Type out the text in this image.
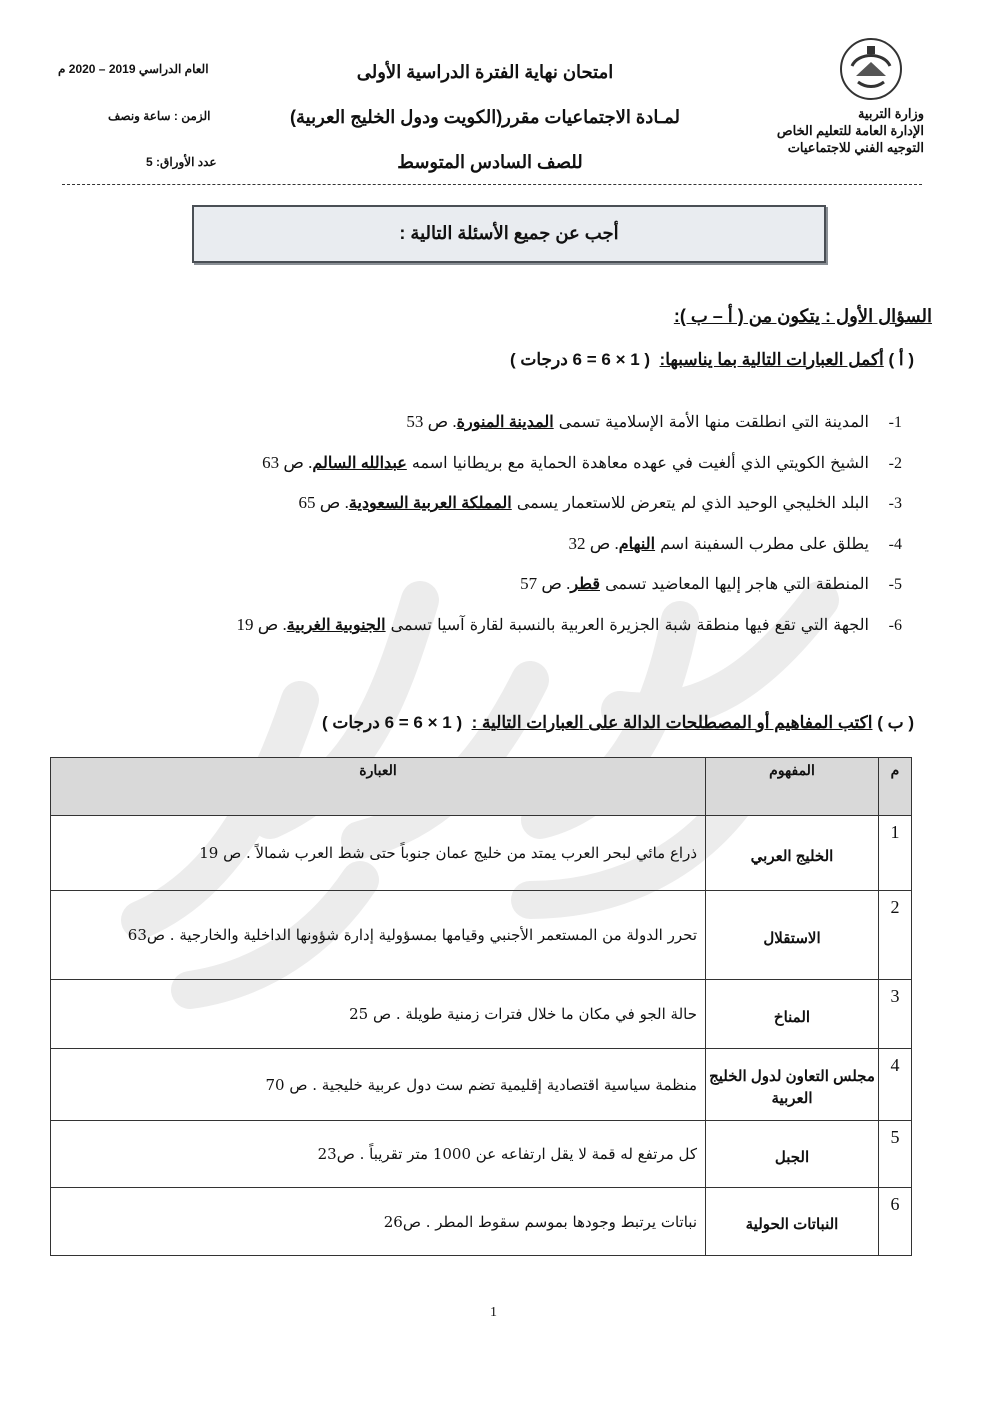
وزارة التربية
الإدارة العامة للتعليم الخاص
التوجيه الفني للاجتماعيات
العام الدراسي 2019 – 2020 م
الزمن : ساعة ونصف
عدد الأوراق: 5
امتحان نهاية الفترة الدراسية الأولى
لمـادة الاجتماعيات مقرر(الكويت ودول الخليج العربية)
للصف السادس المتوسط
أجب عن جميع الأسئلة التالية :
السؤال الأول : يتكون من ( أ – ب ):
( أ ) أكمل العبارات التالية بما يناسبها:  ( 1 × 6 = 6 درجات )
1- المدينة التي انطلقت منها الأمة الإسلامية تسمى المدينة المنورة. ص 53
2- الشيخ الكويتي الذي ألغيت في عهده معاهدة الحماية مع بريطانيا اسمه عبدالله السالم. ص 63
3- البلد الخليجي الوحيد الذي لم يتعرض للاستعمار يسمى المملكة العربية السعودية. ص 65
4- يطلق على مطرب السفينة اسم النهام. ص 32
5- المنطقة التي هاجر إليها المعاضيد تسمى قطر. ص 57
6- الجهة التي تقع فيها منطقة شبة الجزيرة العربية بالنسبة لقارة آسيا تسمى الجنوبية الغربية. ص 19
( ب ) اكتب المفاهيم أو المصطلحات الدالة على العبارات التالية :  ( 1 × 6 = 6 درجات )
م	المفهوم	العبارة
1	الخليج العربي	ذراع مائي لبحر العرب يمتد من خليج عمان جنوباً حتى شط العرب شمالاً . ص 19
2	الاستقلال	تحرر الدولة من المستعمر الأجنبي وقيامها بمسؤولية إدارة شؤونها الداخلية والخارجية . ص63
3	المناخ	حالة الجو في مكان ما خلال فترات زمنية طويلة . ص 25
4	مجلس التعاون لدول الخليج العربية	منظمة سياسية اقتصادية إقليمية تضم ست دول عربية خليجية . ص 70
5	الجبل	كل مرتفع له قمة لا يقل ارتفاعه عن 1000 متر تقريباً . ص23
6	النباتات الحولية	نباتات يرتبط وجودها بموسم سقوط المطر . ص26
1
